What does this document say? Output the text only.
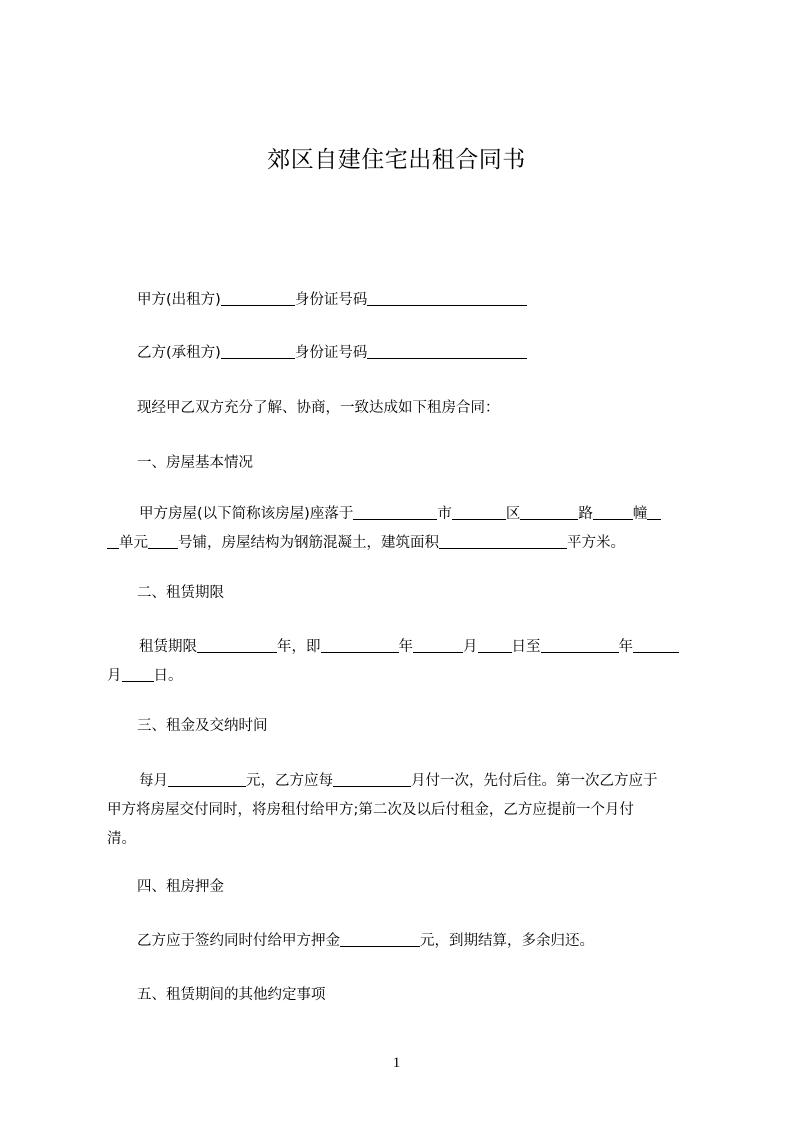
郊区自建住宅出租合同书

甲方(出租方)	身份证号码

乙方(承租方)	身份证号码

现经甲乙双方充分了解、协商，一致达成如下租房合同：

一、房屋基本情况

甲方房屋(以下简称该房屋)座落于	市	区	路	幢
单元 号铺，房屋结构为钢筋混凝土，建筑面积	平方米。

二、租赁期限

租赁期限	年，即	年	月 日至	年
月 日。

三、租金及交纳时间

每月	元，乙方应每	月付一次，先付后住。第一次乙方应于
甲方将房屋交付同时，将房租付给甲方;第二次及以后付租金，乙方应提前一个月付
清。

四、租房押金

乙方应于签约同时付给甲方押金	元，到期结算，多余归还。

五、租赁期间的其他约定事项

1
